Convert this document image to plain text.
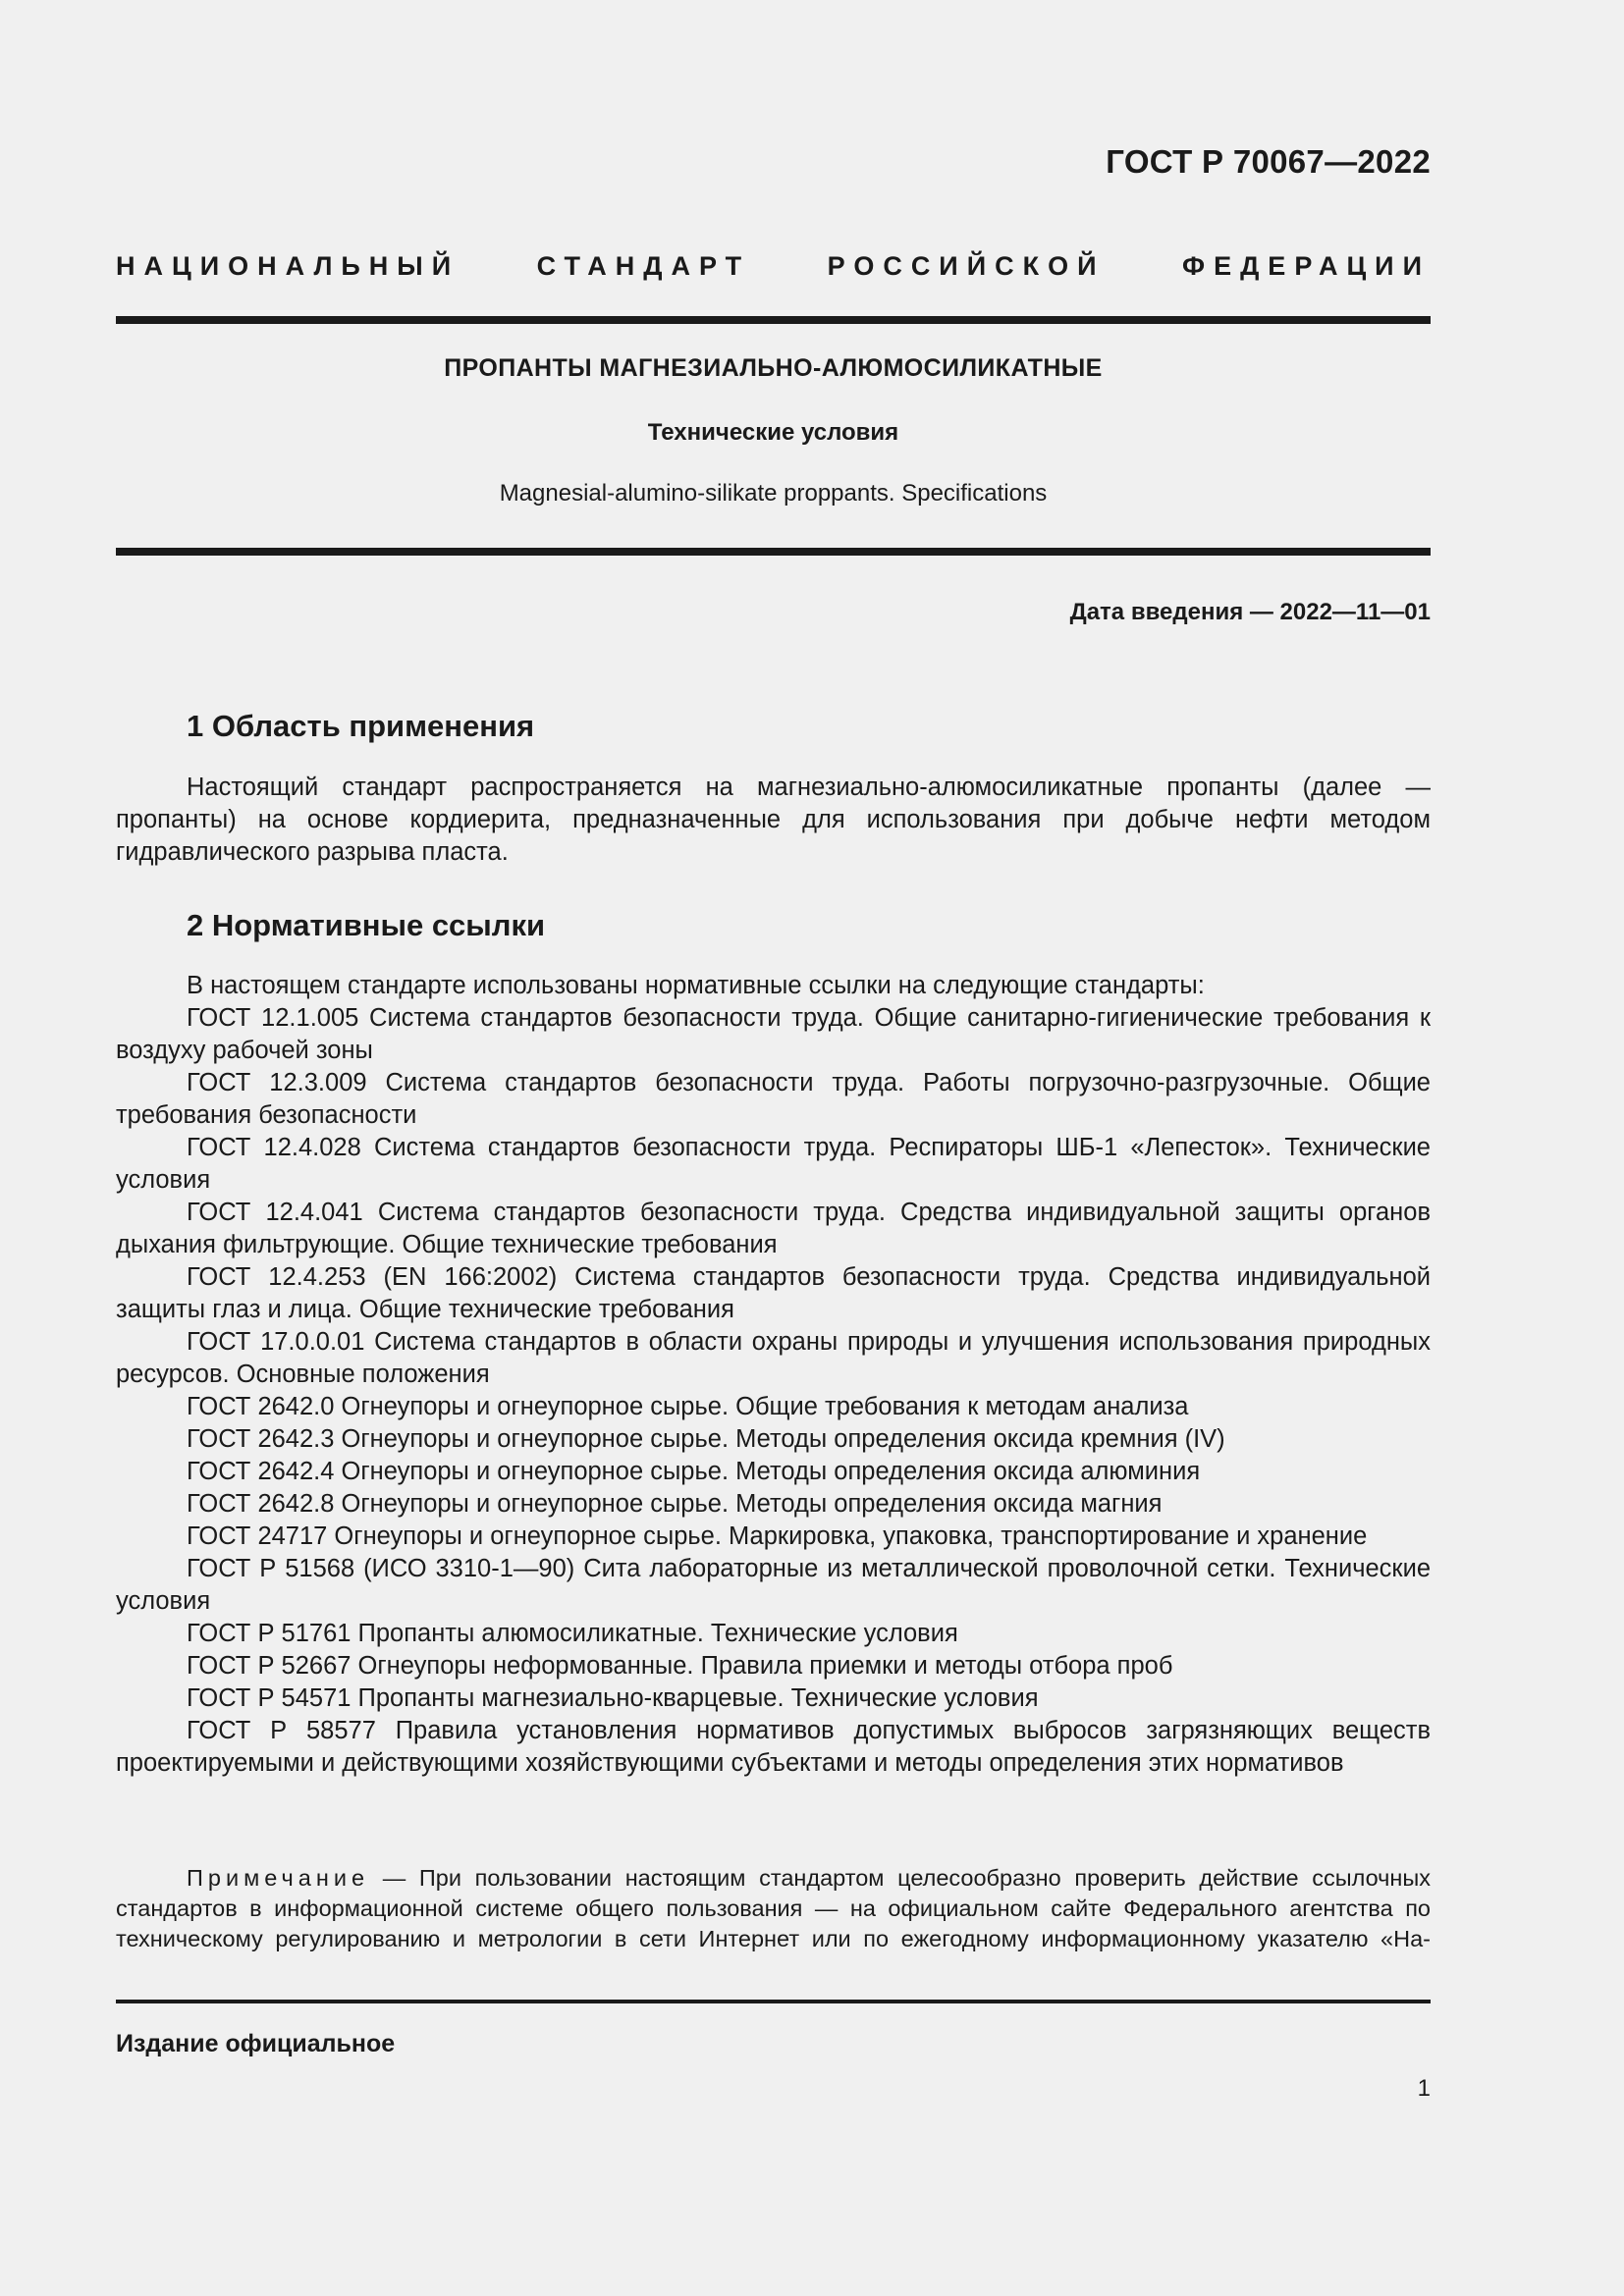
ГОСТ Р 70067—2022
НАЦИОНАЛЬНЫЙ СТАНДАРТ РОССИЙСКОЙ ФЕДЕРАЦИИ
ПРОПАНТЫ МАГНЕЗИАЛЬНО-АЛЮМОСИЛИКАТНЫЕ
Технические условия
Magnesial-alumino-silikate proppants. Specifications
Дата введения — 2022—11—01
1 Область применения

Настоящий стандарт распространяется на магнезиально-алюмосиликатные пропанты (далее — пропанты) на основе кордиерита, предназначенные для использования при добыче нефти методом гидравлического разрыва пласта.

2 Нормативные ссылки

В настоящем стандарте использованы нормативные ссылки на следующие стандарты:

ГОСТ 12.1.005 Система стандартов безопасности труда. Общие санитарно-гигиенические требования к воздуху рабочей зоны

ГОСТ 12.3.009 Система стандартов безопасности труда. Работы погрузочно-разгрузочные. Общие требования безопасности

ГОСТ 12.4.028 Система стандартов безопасности труда. Респираторы ШБ-1 «Лепесток». Технические условия

ГОСТ 12.4.041 Система стандартов безопасности труда. Средства индивидуальной защиты органов дыхания фильтрующие. Общие технические требования

ГОСТ 12.4.253 (EN 166:2002) Система стандартов безопасности труда. Средства индивидуальной защиты глаз и лица. Общие технические требования

ГОСТ 17.0.0.01 Система стандартов в области охраны природы и улучшения использования природных ресурсов. Основные положения

ГОСТ 2642.0 Огнеупоры и огнеупорное сырье. Общие требования к методам анализа

ГОСТ 2642.3 Огнеупоры и огнеупорное сырье. Методы определения оксида кремния (IV)

ГОСТ 2642.4 Огнеупоры и огнеупорное сырье. Методы определения оксида алюминия

ГОСТ 2642.8 Огнеупоры и огнеупорное сырье. Методы определения оксида магния

ГОСТ 24717 Огнеупоры и огнеупорное сырье. Маркировка, упаковка, транспортирование и хранение

ГОСТ Р 51568 (ИСО 3310-1—90) Сита лабораторные из металлической проволочной сетки. Технические условия

ГОСТ Р 51761 Пропанты алюмосиликатные. Технические условия

ГОСТ Р 52667 Огнеупоры неформованные. Правила приемки и методы отбора проб

ГОСТ Р 54571 Пропанты магнезиально-кварцевые. Технические условия

ГОСТ Р 58577 Правила установления нормативов допустимых выбросов загрязняющих веществ проектируемыми и действующими хозяйствующими субъектами и методы определения этих нормативов

Примечание — При пользовании настоящим стандартом целесообразно проверить действие ссылочных стандартов в информационной системе общего пользования — на официальном сайте Федерального агентства по техническому регулированию и метрологии в сети Интернет или по ежегодному информационному указателю «На-

Издание официальное
1
